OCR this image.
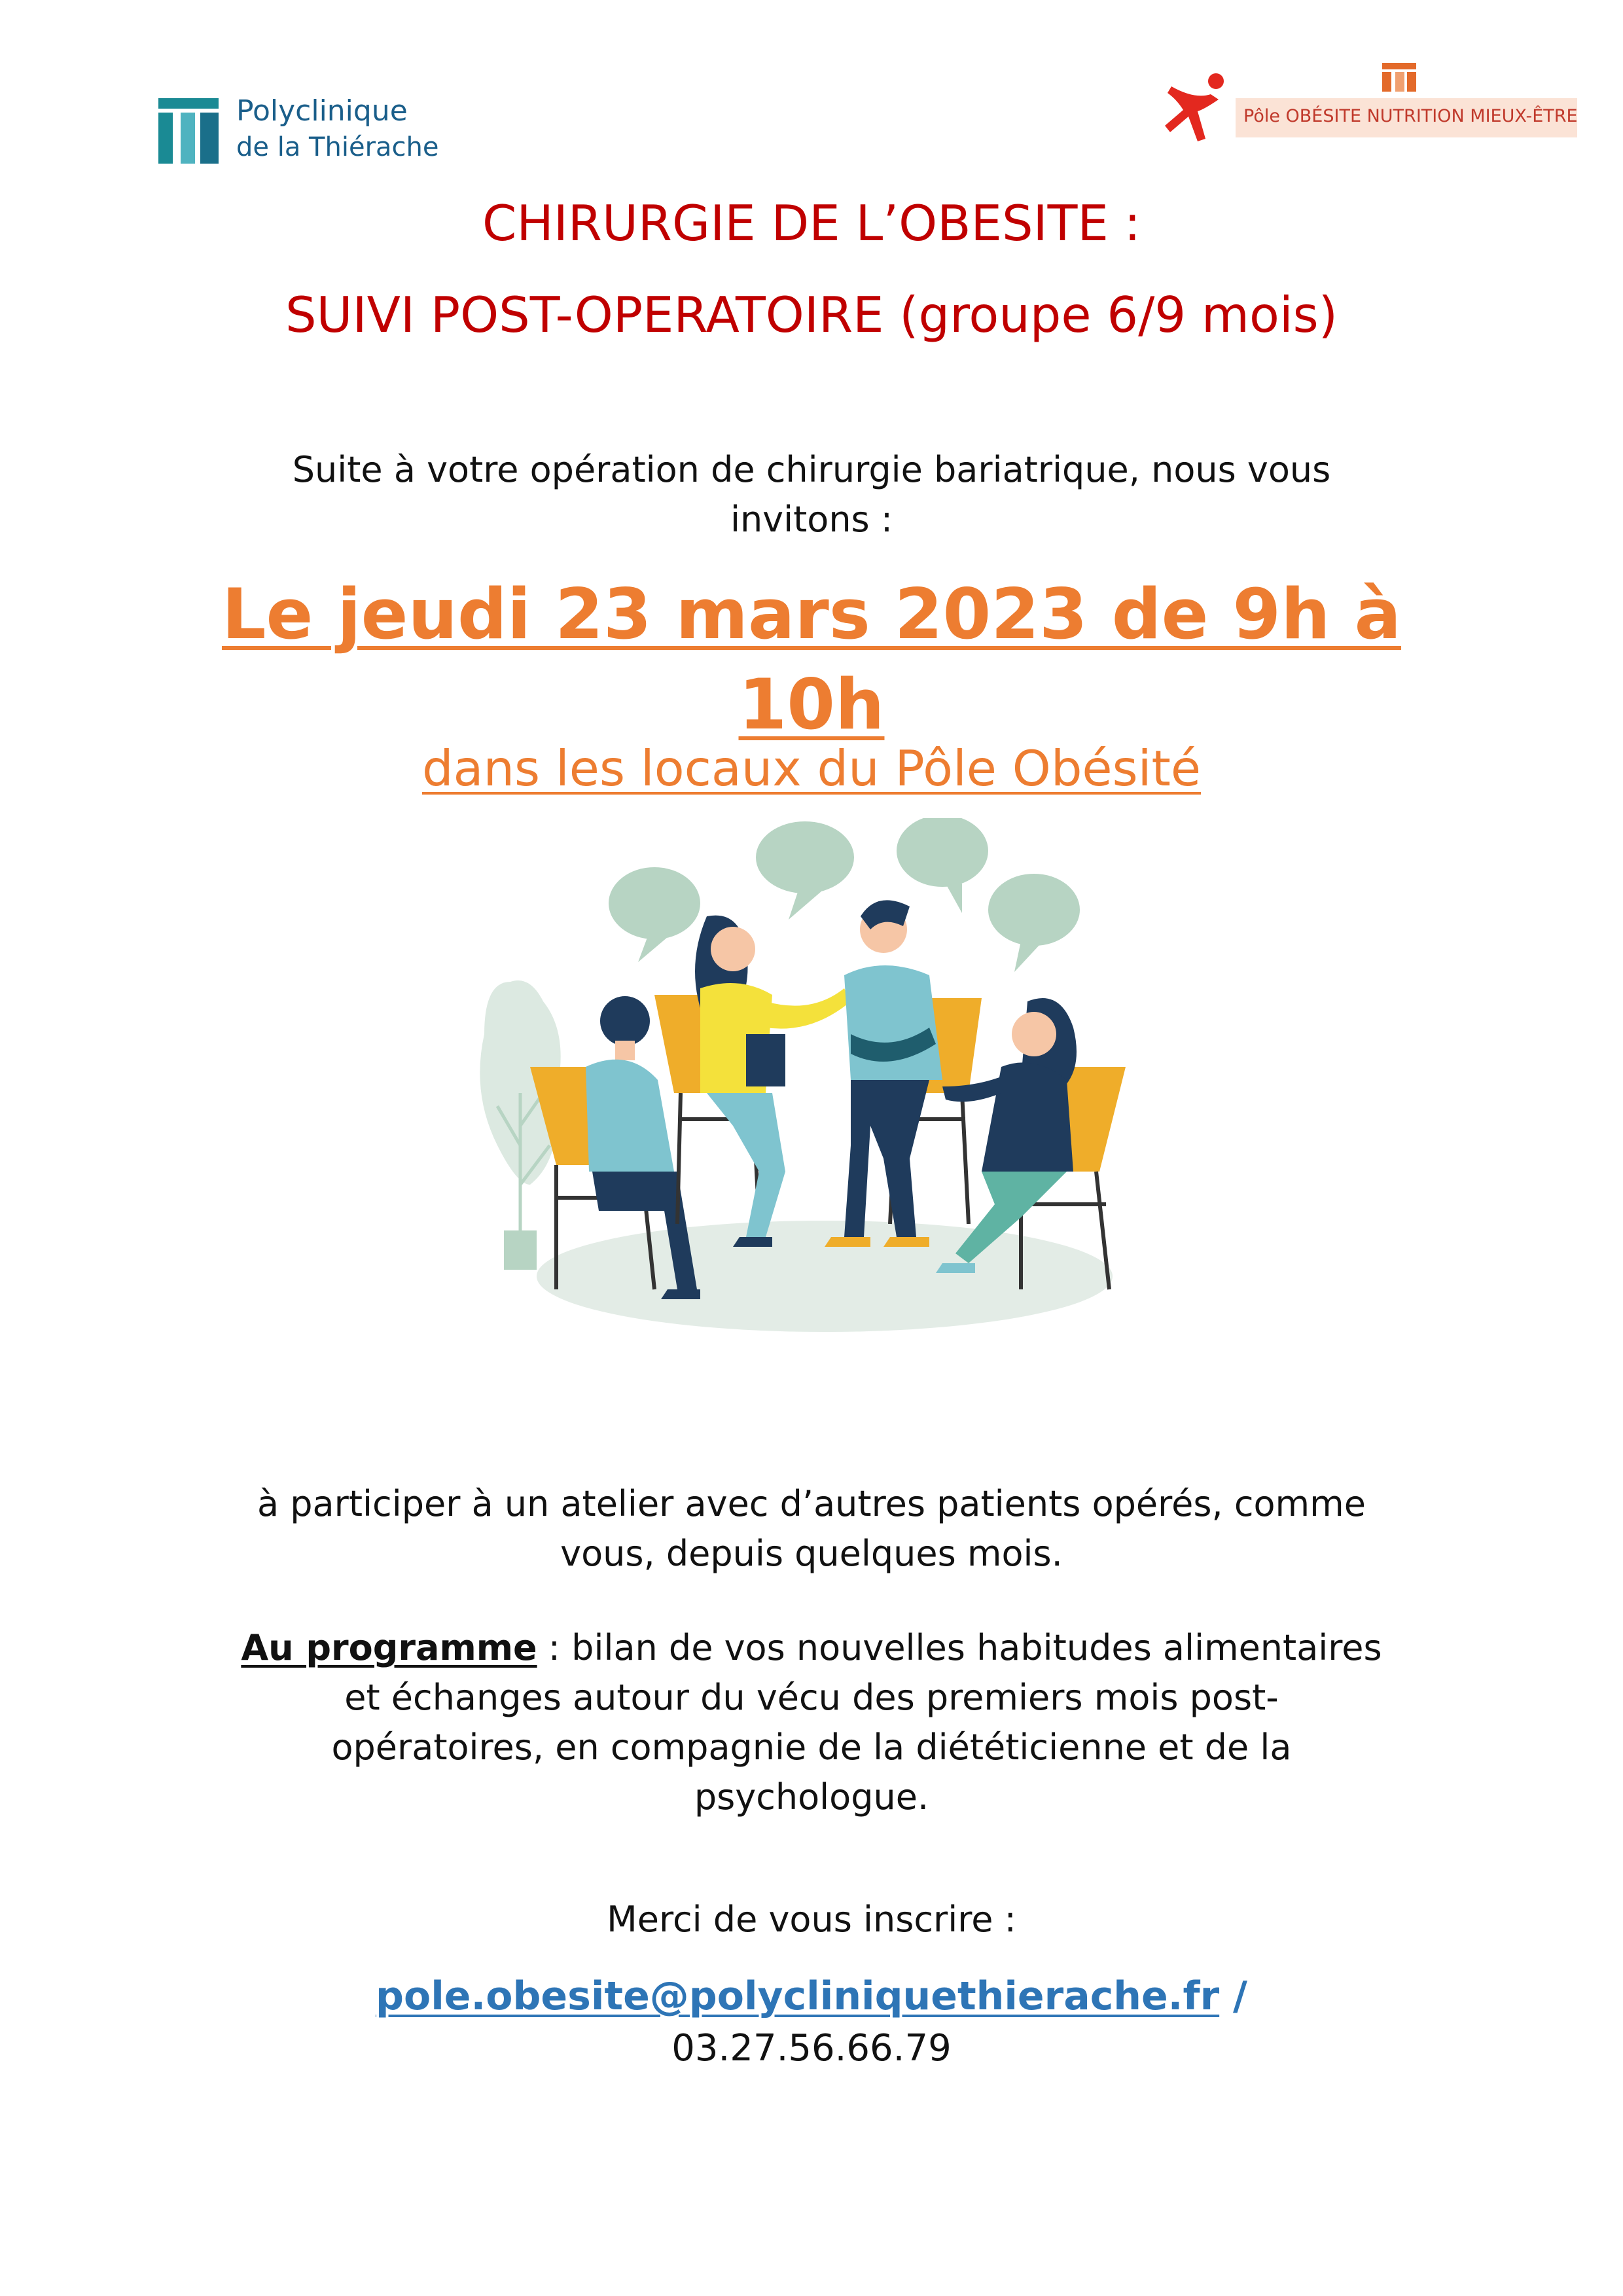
Polyclinique
de la Thiérache
Pôle OBÉSITE NUTRITION MIEUX-ÊTRE
CHIRURGIE DE L’OBESITE :
SUIVI POST-OPERATOIRE (groupe 6/9 mois)
Suite à votre opération de chirurgie bariatrique, nous vous
invitons :
Le jeudi 23 mars 2023 de 9h à
10h
dans les locaux du Pôle Obésité
à participer à un atelier avec d’autres patients opérés, comme
vous, depuis quelques mois.
Au programme : bilan de vos nouvelles habitudes alimentaires
et échanges autour du vécu des premiers mois post-
opératoires, en compagnie de la diététicienne et de la
psychologue.
Merci de vous inscrire :
pole.obesite@polycliniquethierache.fr /
03.27.56.66.79
